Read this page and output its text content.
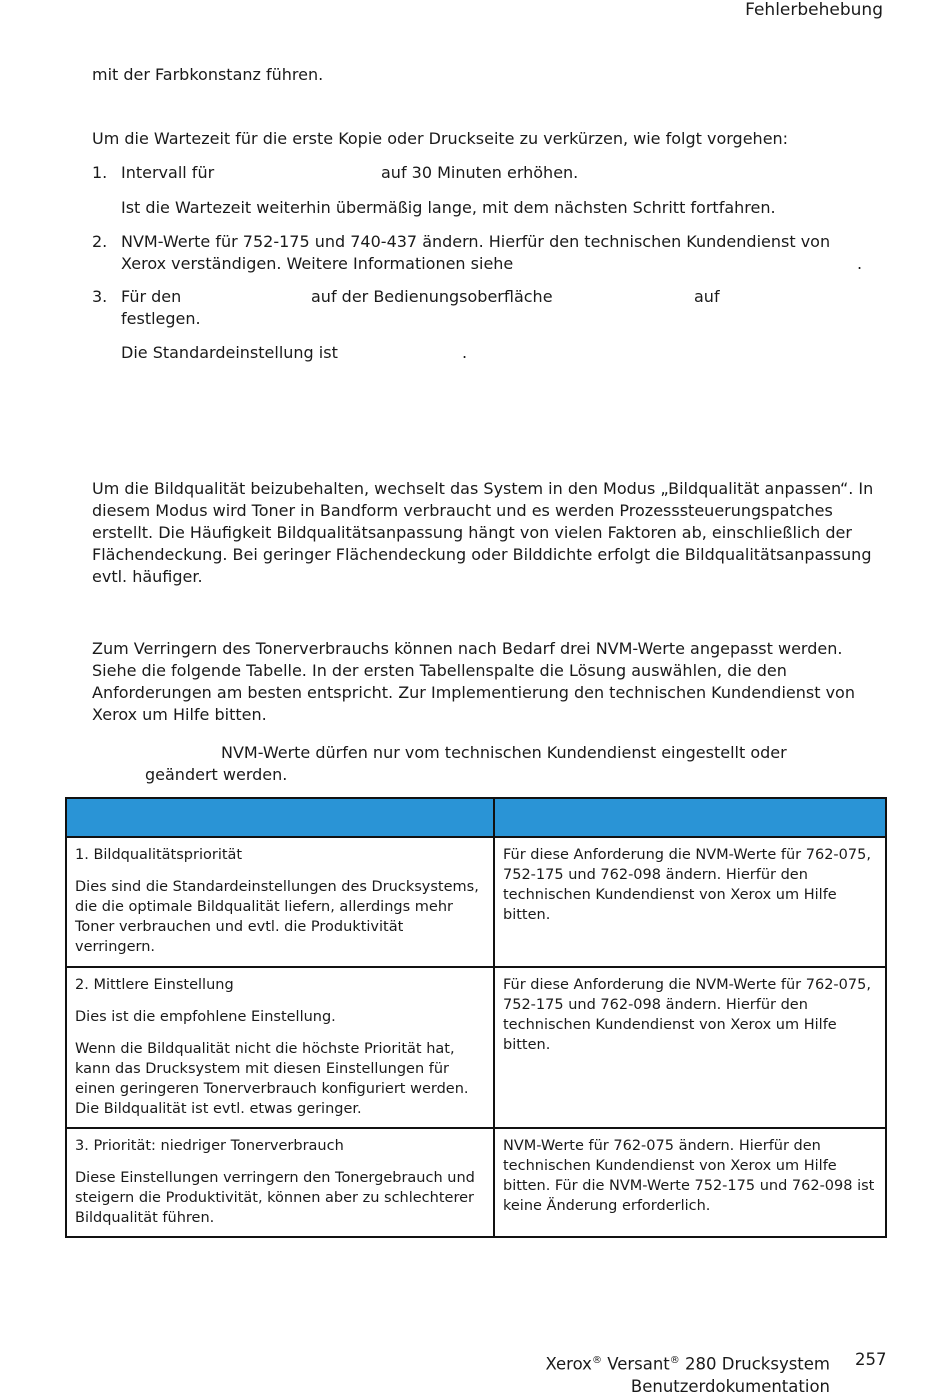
Fehlerbehebung
mit der Farbkonstanz führen.
Um die Wartezeit für die erste Kopie oder Druckseite zu verkürzen, wie folgt vorgehen:
1. Intervall für	auf 30 Minuten erhöhen.
Ist die Wartezeit weiterhin übermäßig lange, mit dem nächsten Schritt fortfahren.
2. NVM-Werte für 752-175 und 740-437 ändern. Hierfür den technischen Kundendienst von
Xerox verständigen. Weitere Informationen siehe	.
3. Für den	auf der Bedienungsoberfläche	auf
festlegen.
Die Standardeinstellung ist	.
Um die Bildqualität beizubehalten, wechselt das System in den Modus „Bildqualität anpassen“. In diesem Modus wird Toner in Bandform verbraucht und es werden Prozesssteuerungspatches erstellt. Die Häufigkeit Bildqualitätsanpassung hängt von vielen Faktoren ab, einschließlich der Flächendeckung. Bei geringer Flächendeckung oder Bilddichte erfolgt die Bildqualitätsanpassung evtl. häufiger.
Zum Verringern des Tonerverbrauchs können nach Bedarf drei NVM-Werte angepasst werden. Siehe die folgende Tabelle. In der ersten Tabellenspalte die Lösung auswählen, die den Anforderungen am besten entspricht. Zur Implementierung den technischen Kundendienst von Xerox um Hilfe bitten.
NVM-Werte dürfen nur vom technischen Kundendienst eingestellt oder
geändert werden.

1. Bildqualitätspriorität

Dies sind die Standardeinstellungen des Drucksystems, die die optimale Bildqualität liefern, allerdings mehr Toner verbrauchen und evtl. die Produktivität verringern.	Für diese Anforderung die NVM-Werte für 762-075, 752-175 und 762-098 ändern. Hierfür den technischen Kundendienst von Xerox um Hilfe bitten.

2. Mittlere Einstellung

Dies ist die empfohlene Einstellung.

Wenn die Bildqualität nicht die höchste Priorität hat, kann das Drucksystem mit diesen Einstellungen für einen geringeren Tonerverbrauch konfiguriert werden. Die Bildqualität ist evtl. etwas geringer.	Für diese Anforderung die NVM-Werte für 762-075, 752-175 und 762-098 ändern. Hierfür den technischen Kundendienst von Xerox um Hilfe bitten.

3. Priorität: niedriger Tonerverbrauch

Diese Einstellungen verringern den Tonergebrauch und steigern die Produktivität, können aber zu schlechterer Bildqualität führen.	NVM-Werte für 762-075 ändern. Hierfür den technischen Kundendienst von Xerox um Hilfe bitten. Für die NVM-Werte 752-175 und 762-098 ist keine Änderung erforderlich.

Xerox® Versant® 280 Drucksystem
Benutzerdokumentation
257
